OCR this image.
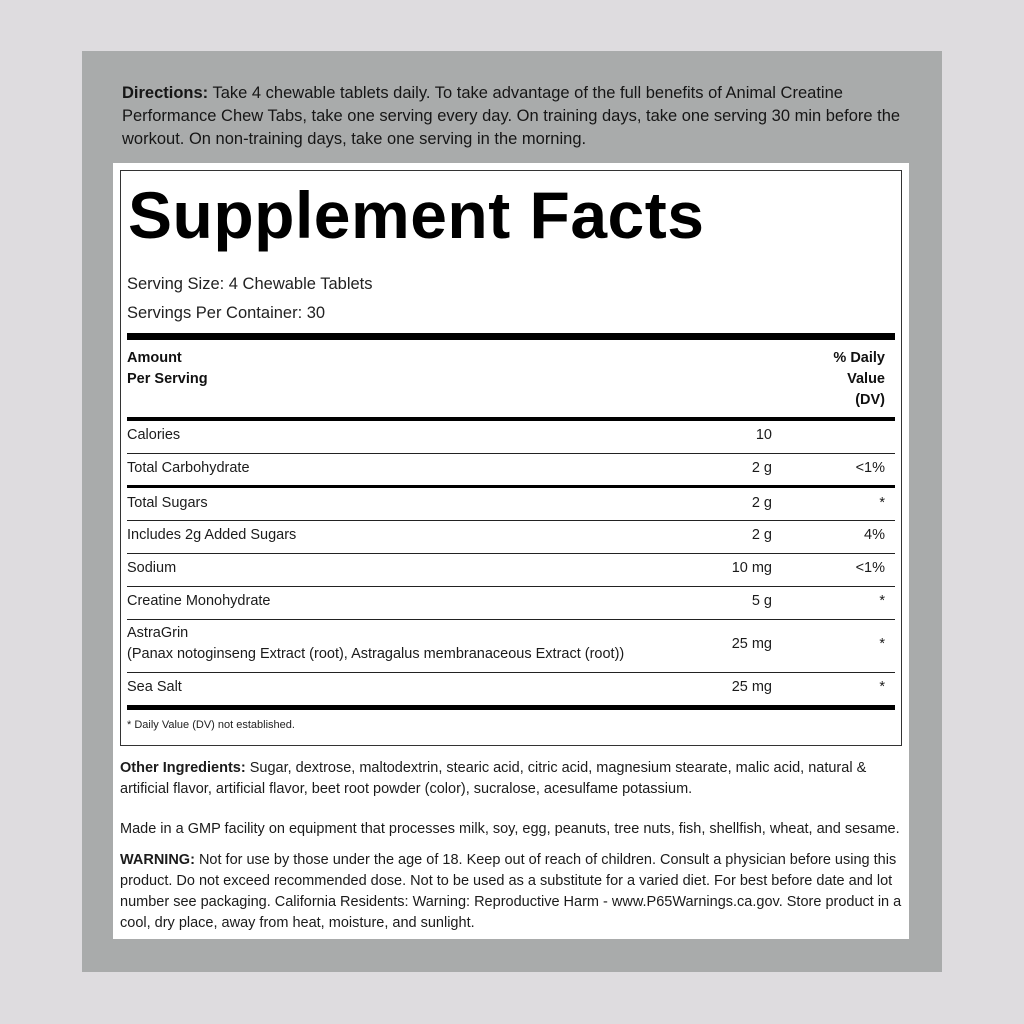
Directions: Take 4 chewable tablets daily. To take advantage of the full benefits of Animal Creatine Performance Chew Tabs, take one serving every day. On training days, take one serving 30 min before the workout. On non-training days, take one serving in the morning.
Supplement Facts
Serving Size: 4 Chewable Tablets
Servings Per Container: 30
Amount
Per Serving
% Daily
Value
(DV)
Calories	10
Total Carbohydrate	2 g	<1%
Total Sugars	2 g	*
Includes 2g Added Sugars	2 g	4%
Sodium	10 mg	<1%
Creatine Monohydrate	5 g	*
AstraGrin
(Panax notoginseng Extract (root), Astragalus membranaceous Extract (root))
25 mg	*
Sea Salt	25 mg	*
* Daily Value (DV) not established.
Other Ingredients: Sugar, dextrose, maltodextrin, stearic acid, citric acid, magnesium stearate, malic acid, natural & artificial flavor, artificial flavor, beet root powder (color), sucralose, acesulfame potassium.
Made in a GMP facility on equipment that processes milk, soy, egg, peanuts, tree nuts, fish, shellfish, wheat, and sesame.
WARNING: Not for use by those under the age of 18. Keep out of reach of children. Consult a physician before using this product. Do not exceed recommended dose. Not to be used as a substitute for a varied diet. For best before date and lot number see packaging. California Residents: Warning: Reproductive Harm - www.P65Warnings.ca.gov. Store product in a cool, dry place, away from heat, moisture, and sunlight.
